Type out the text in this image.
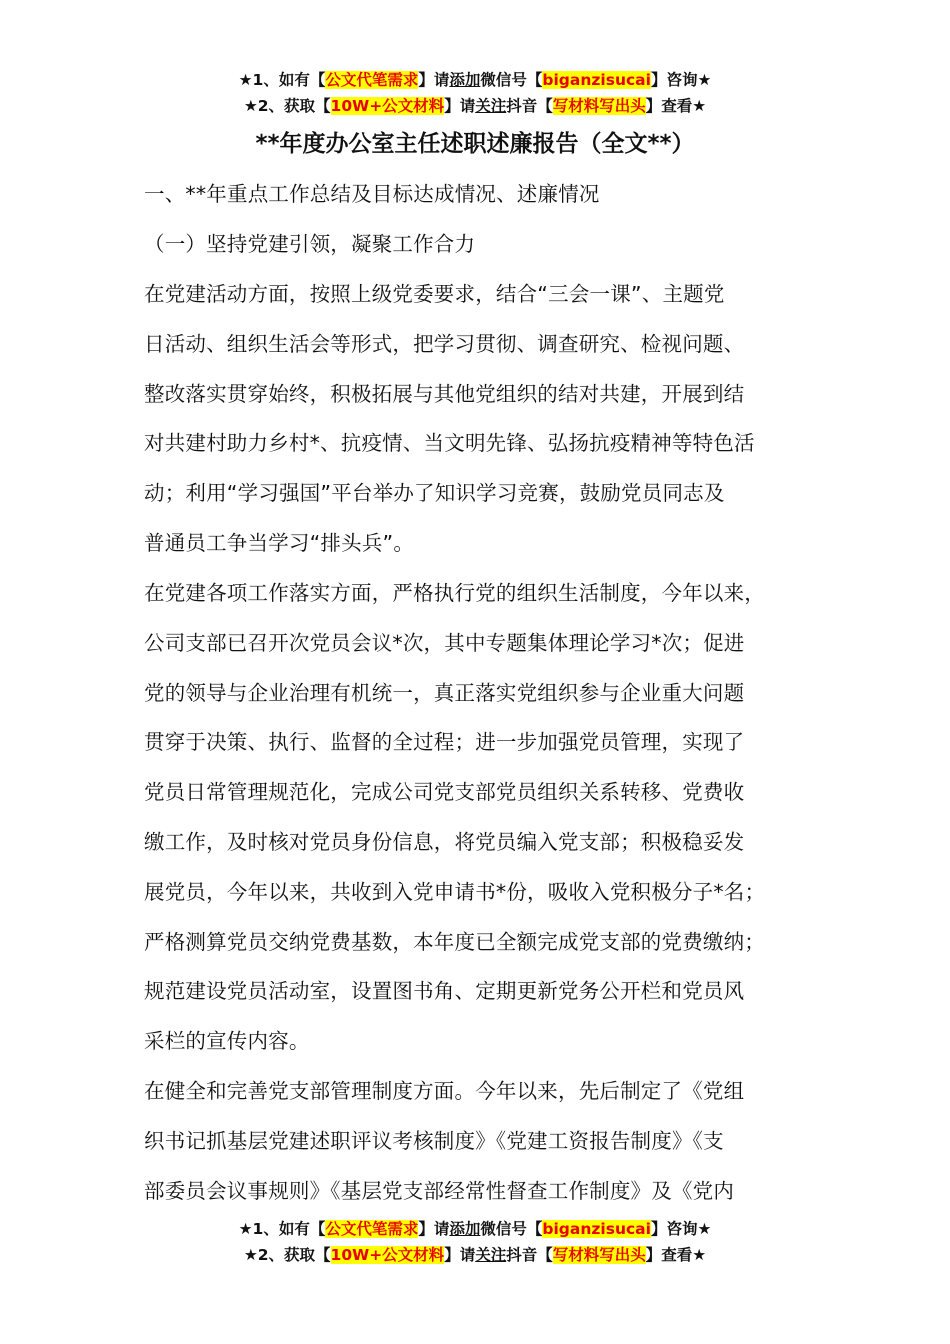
★1、如有【公文代笔需求】请添加微信号【biganzisucai】咨询★
★2、获取【10W+公文材料】请关注抖音【写材料写出头】查看★
**年度办公室主任述职述廉报告（全文**）
一、**年重点工作总结及目标达成情况、述廉情况
（一）坚持党建引领，凝聚工作合力
在党建活动方面，按照上级党委要求，结合“三会一课”、主题党
日活动、组织生活会等形式，把学习贯彻、调查研究、检视问题、
整改落实贯穿始终，积极拓展与其他党组织的结对共建，开展到结
对共建村助力乡村*、抗疫情、当文明先锋、弘扬抗疫精神等特色活
动；利用“学习强国”平台举办了知识学习竞赛，鼓励党员同志及
普通员工争当学习“排头兵”。
在党建各项工作落实方面，严格执行党的组织生活制度，今年以来，
公司支部已召开次党员会议*次，其中专题集体理论学习*次；促进
党的领导与企业治理有机统一，真正落实党组织参与企业重大问题
贯穿于决策、执行、监督的全过程；进一步加强党员管理，实现了
党员日常管理规范化，完成公司党支部党员组织关系转移、党费收
缴工作，及时核对党员身份信息，将党员编入党支部；积极稳妥发
展党员，今年以来，共收到入党申请书*份，吸收入党积极分子*名；
严格测算党员交纳党费基数，本年度已全额完成党支部的党费缴纳；
规范建设党员活动室，设置图书角、定期更新党务公开栏和党员风
采栏的宣传内容。
在健全和完善党支部管理制度方面。今年以来，先后制定了《党组
织书记抓基层党建述职评议考核制度》《党建工资报告制度》《支
部委员会议事规则》《基层党支部经常性督查工作制度》及《党内
★1、如有【公文代笔需求】请添加微信号【biganzisucai】咨询★
★2、获取【10W+公文材料】请关注抖音【写材料写出头】查看★
